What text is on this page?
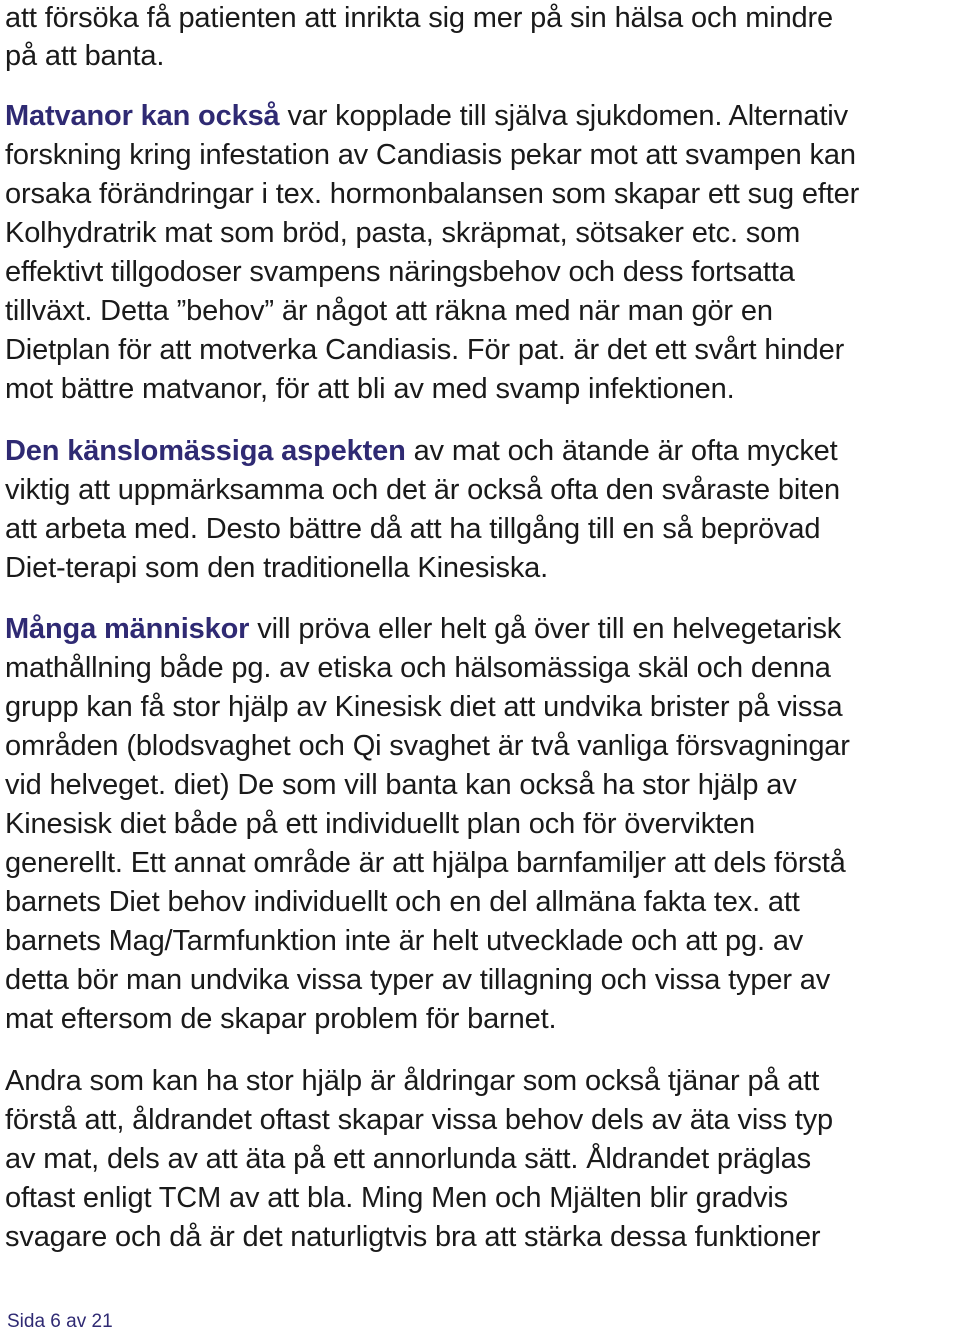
att försöka få patienten att inrikta sig mer på sin hälsa och mindre
på att banta.
Matvanor kan också var kopplade till själva sjukdomen. Alternativ
forskning kring infestation av Candiasis pekar mot att svampen kan
orsaka förändringar i tex. hormonbalansen som skapar ett sug efter
Kolhydratrik mat som bröd, pasta, skräpmat, sötsaker etc. som
effektivt tillgodoser svampens näringsbehov och dess fortsatta
tillväxt. Detta ”behov” är något att räkna med när man gör en
Dietplan för att motverka Candiasis. För pat. är det ett svårt hinder
mot bättre matvanor, för att bli av med svamp infektionen.
Den känslomässiga aspekten av mat och ätande är ofta mycket
viktig att uppmärksamma och det är också ofta den svåraste biten
att arbeta med. Desto bättre då att ha tillgång till en så beprövad
Diet-terapi som den traditionella Kinesiska.
Många människor vill pröva eller helt gå över till en helvegetarisk
mathållning både pg. av etiska och hälsomässiga skäl och denna
grupp kan få stor hjälp av Kinesisk diet att undvika brister på vissa
områden (blodsvaghet och Qi svaghet är två vanliga försvagningar
vid helveget. diet) De som vill banta kan också ha stor hjälp av
Kinesisk diet både på ett individuellt plan och för övervikten
generellt. Ett annat område är att hjälpa barnfamiljer att dels förstå
barnets Diet behov individuellt och en del allmäna fakta tex. att
barnets Mag/Tarmfunktion inte är helt utvecklade och att pg. av
detta bör man undvika vissa typer av tillagning och vissa typer av
mat eftersom de skapar problem för barnet.
Andra som kan ha stor hjälp är åldringar som också tjänar på att
förstå att, åldrandet oftast skapar vissa behov dels av äta viss typ
av mat, dels av att äta på ett annorlunda sätt. Åldrandet präglas
oftast enligt TCM av att bla. Ming Men och Mjälten blir gradvis
svagare och då är det naturligtvis bra att stärka dessa funktioner
Sida 6 av 21
